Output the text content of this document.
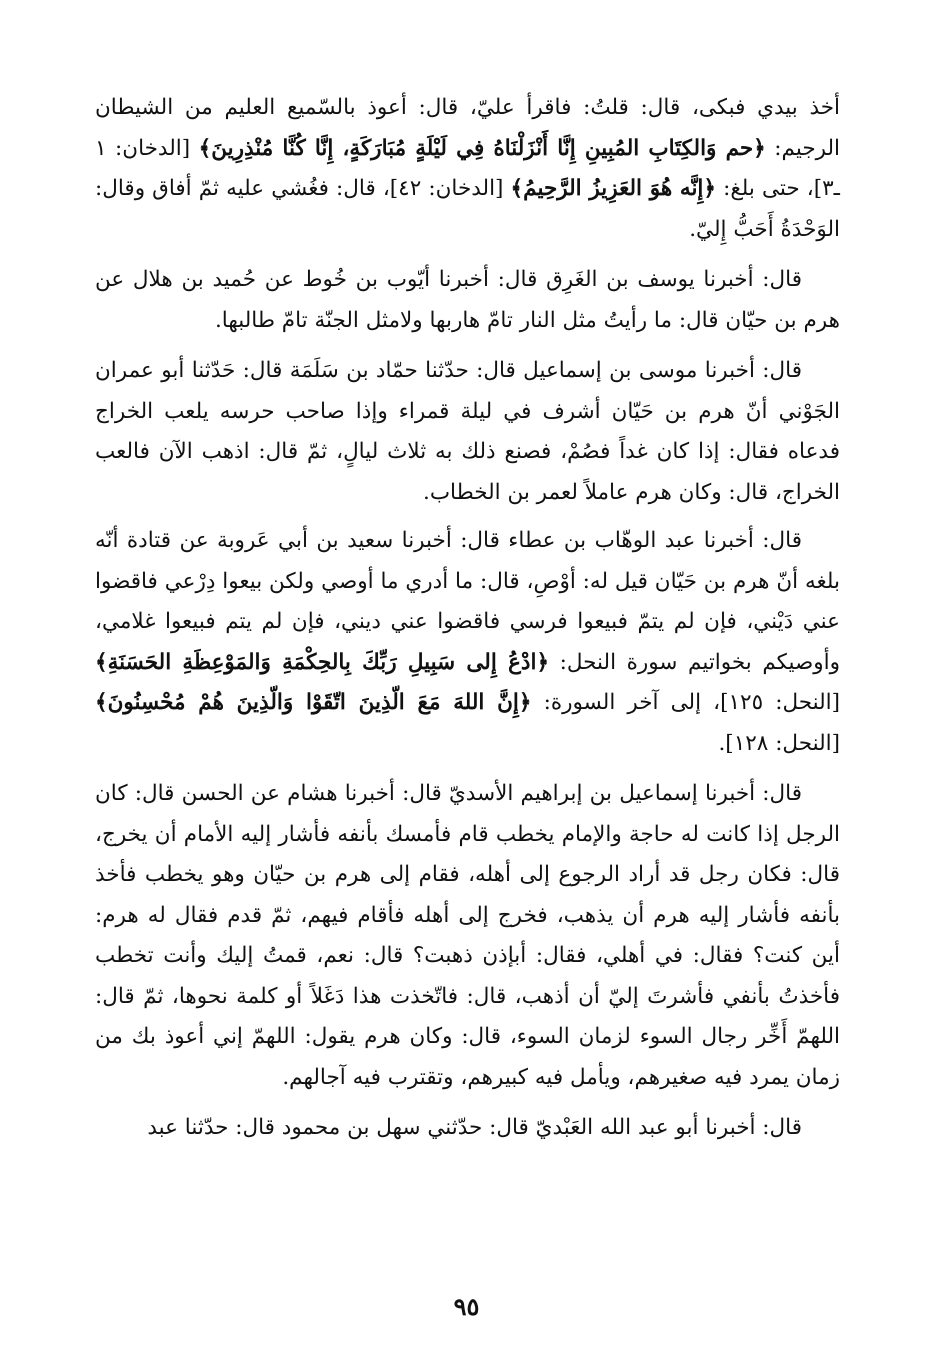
أخذ بيدي فبكى، قال: قلتُ: فاقرأ عليّ، قال: أعوذ بالسّميع العليم من الشيطان الرجيم: ﴿حم وَالكِتَابِ المُبِينِ إِنَّا أَنْزَلْنَاهُ فِي لَيْلَةٍ مُبَارَكَةٍ، إِنَّا كُنَّا مُنْذِرِينَ﴾ [الدخان: ١ ـ٣]، حتى بلغ: ﴿إِنَّه هُوَ العَزِيزُ الرَّحِيمُ﴾ [الدخان: ٤٢]، قال: فغُشي عليه ثمّ أفاق وقال: الوَحْدَةُ أَحَبُّ إِليّ.

قال: أخبرنا يوسف بن الغَرِق قال: أخبرنا أيّوب بن خُوط عن حُميد بن هلال عن هرم بن حيّان قال: ما رأيتُ مثل النار تامّ هاربها ولامثل الجنّة تامّ طالبها.

قال: أخبرنا موسى بن إسماعيل قال: حدّثنا حمّاد بن سَلَمَة قال: حَدّثنا أبو عمران الجَوْني أنّ هرم بن حَيّان أشرف في ليلة قمراء وإذا صاحب حرسه يلعب الخراج فدعاه فقال: إذا كان غداً فصُمْ، فصنع ذلك به ثلاث ليالٍ، ثمّ قال: اذهب الآن فالعب الخراج، قال: وكان هرم عاملاً لعمر بن الخطاب.

قال: أخبرنا عبد الوهّاب بن عطاء قال: أخبرنا سعيد بن أبي عَروبة عن قتادة أنّه بلغه أنّ هرم بن حَيّان قيل له: أوْصِ، قال: ما أدري ما أوصي ولكن بيعوا دِرْعي فاقضوا عني دَيْني، فإن لم يتمّ فبيعوا فرسي فاقضوا عني ديني، فإن لم يتم فبيعوا غلامي، وأوصيكم بخواتيم سورة النحل: ﴿ادْعُ إِلى سَبِيلِ رَبِّكَ بِالحِكْمَةِ وَالمَوْعِظَةِ الحَسَنَةِ﴾ [النحل: ١٢٥]، إلى آخر السورة: ﴿إِنَّ اللهَ مَعَ الّذِينَ اتّقَوْا وَالّذِينَ هُمْ مُحْسِنُونَ﴾ [النحل: ١٢٨].

قال: أخبرنا إسماعيل بن إبراهيم الأسديّ قال: أخبرنا هشام عن الحسن قال: كان الرجل إذا كانت له حاجة والإمام يخطب قام فأمسك بأنفه فأشار إليه الأمام أن يخرج، قال: فكان رجل قد أراد الرجوع إلى أهله، فقام إلى هرم بن حيّان وهو يخطب فأخذ بأنفه فأشار إليه هرم أن يذهب، فخرج إلى أهله فأقام فيهم، ثمّ قدم فقال له هرم: أين كنت؟ فقال: في أهلي، فقال: أبإذن ذهبت؟ قال: نعم، قمتُ إليك وأنت تخطب فأخذتُ بأنفي فأشرتَ إليّ أن أذهب، قال: فاتّخذت هذا دَغَلاً أو كلمة نحوها، ثمّ قال: اللهمّ أَخِّر رجال السوء لزمان السوء، قال: وكان هرم يقول: اللهمّ إني أعوذ بك من زمان يمرد فيه صغيرهم، ويأمل فيه كبيرهم، وتقترب فيه آجالهم.

قال: أخبرنا أبو عبد الله العَبْديّ قال: حدّثني سهل بن محمود قال: حدّثنا عبد

٩٥
